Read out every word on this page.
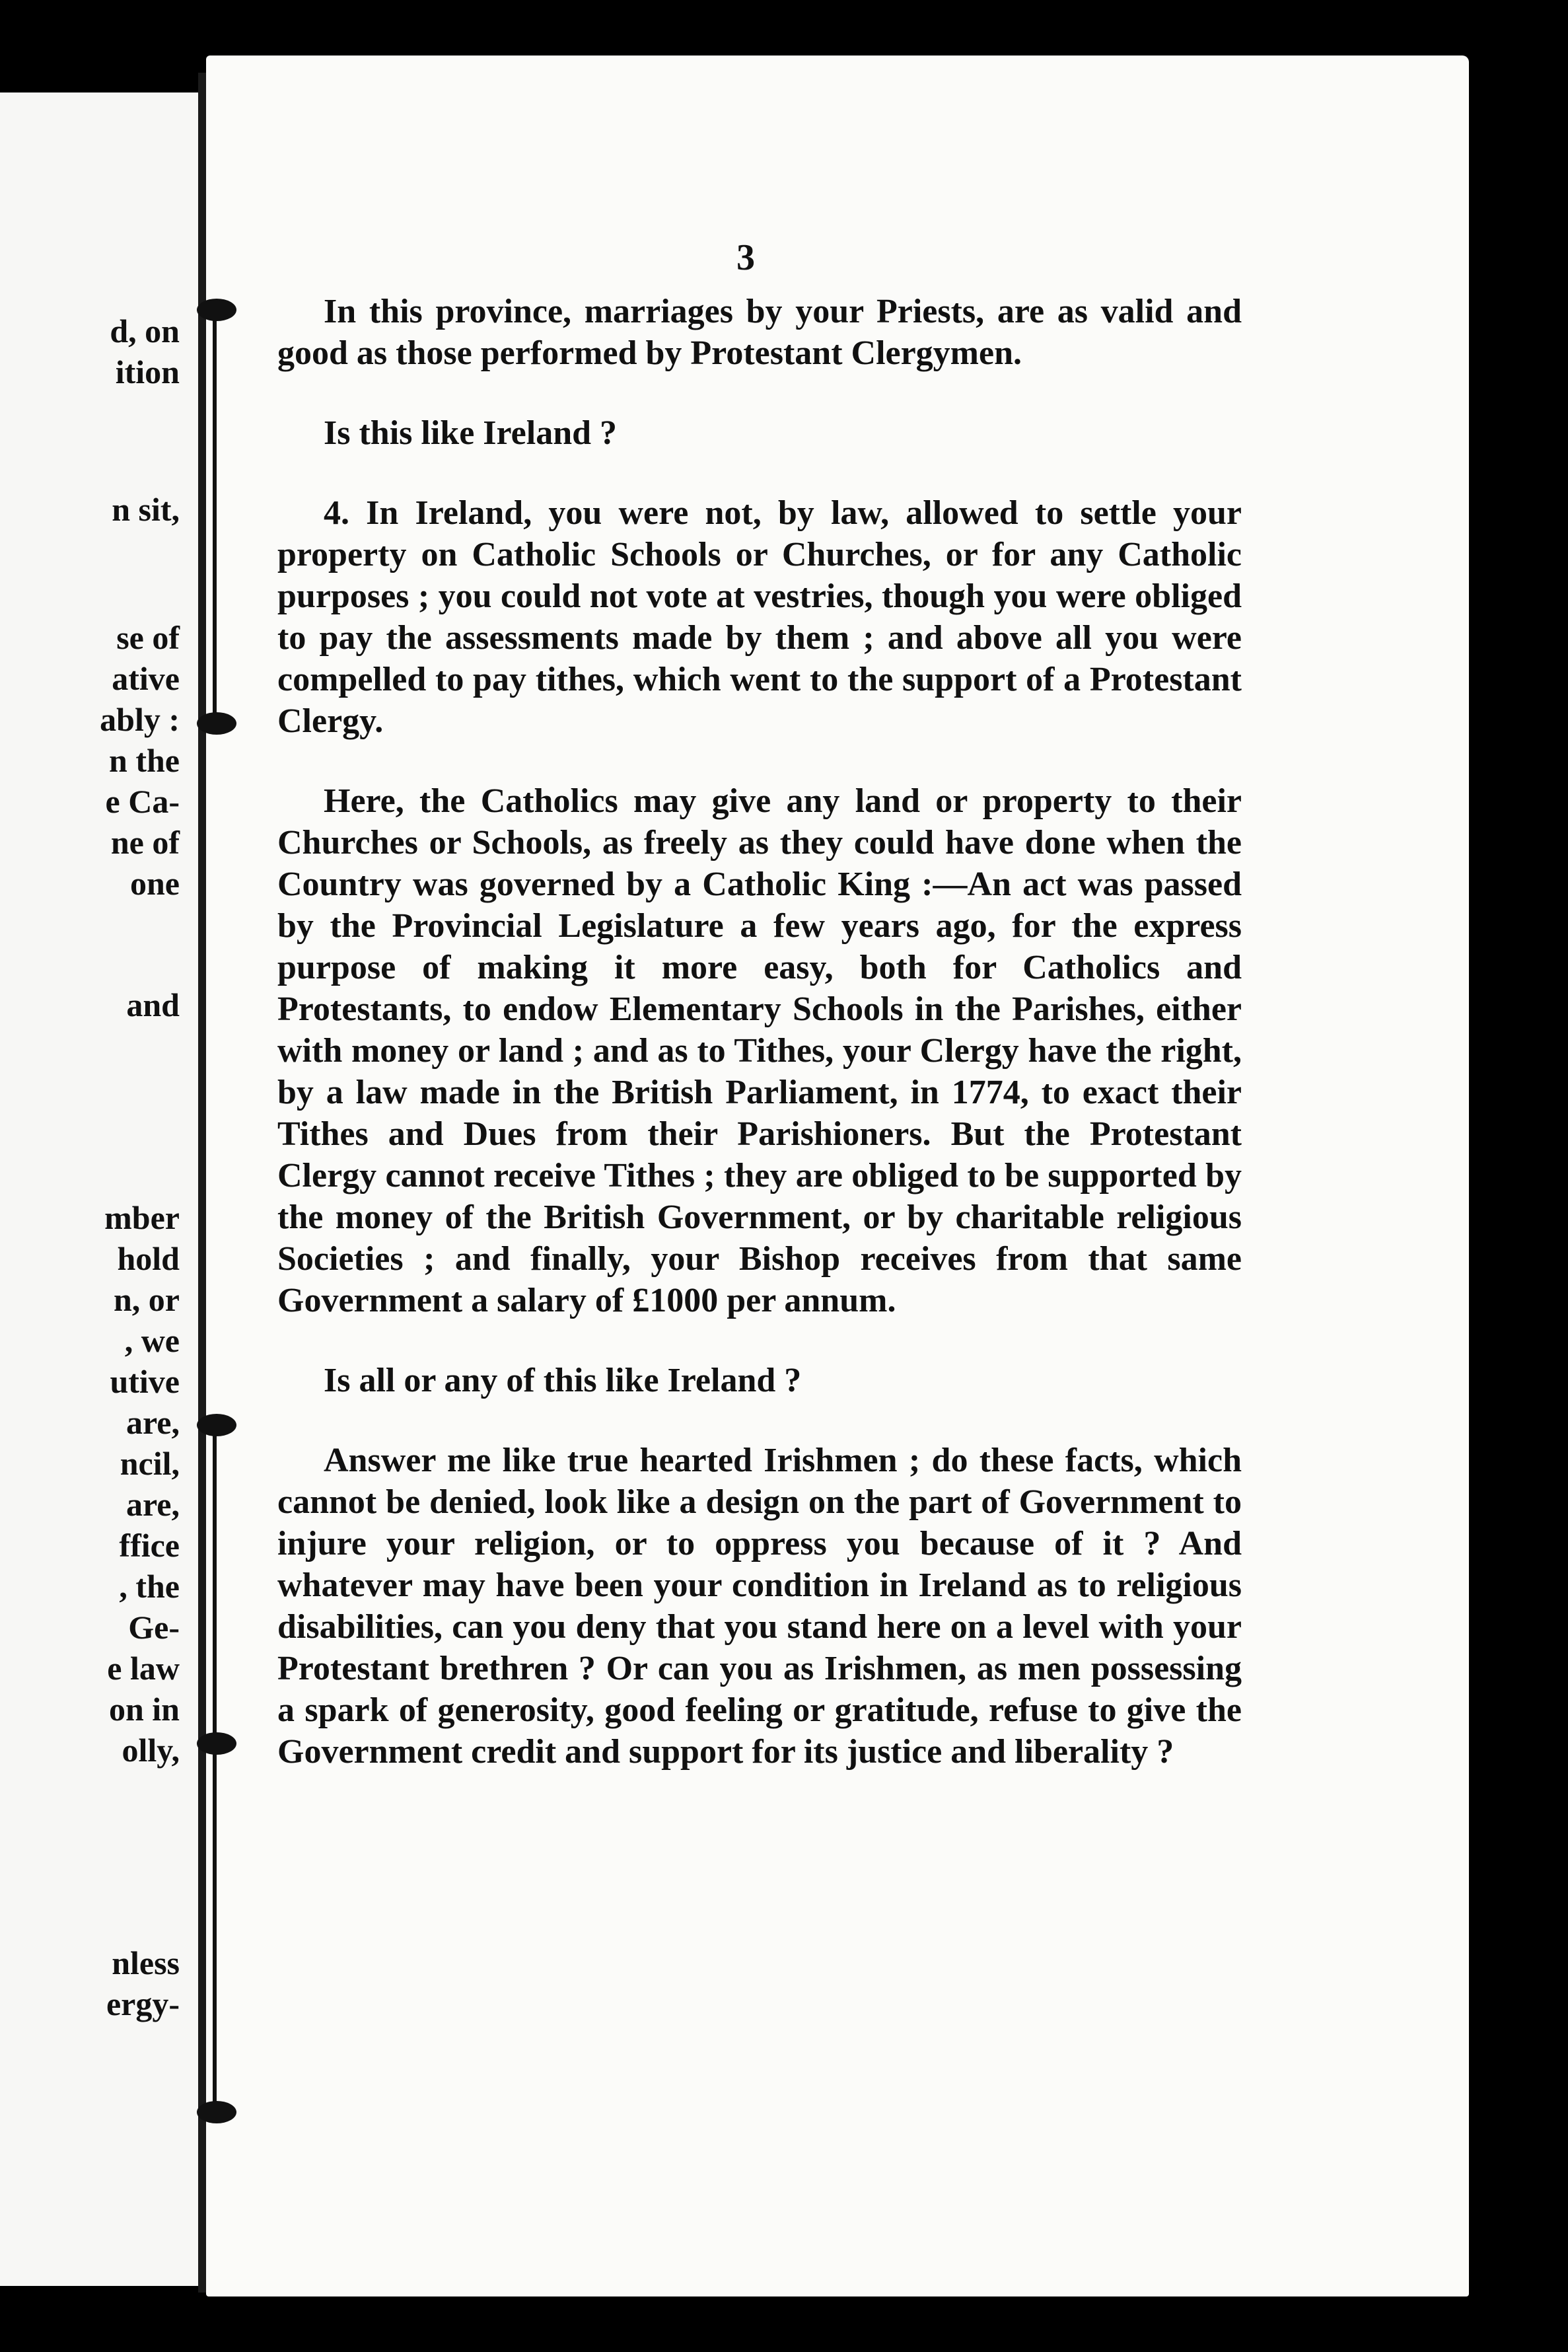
d, on
ition
n sit,
se of
ative
ably :
n the
e Ca-
ne of
one
and
mber
hold
n, or
, we
utive
are,
ncil,
are,
ffice
, the
Ge-
e law
on in
olly,
nless
ergy-
3

In this province, marriages by your Priests, are as valid and good as those performed by Protestant Clergymen.

Is this like Ireland ?

4. In Ireland, you were not, by law, allowed to settle your property on Catholic Schools or Churches, or for any Catholic purposes ; you could not vote at vestries, though you were obliged to pay the assessments made by them ; and above all you were compelled to pay tithes, which went to the support of a Protestant Clergy.

Here, the Catholics may give any land or property to their Churches or Schools, as freely as they could have done when the Country was governed by a Catholic King :—An act was passed by the Provincial Legislature a few years ago, for the express purpose of making it more easy, both for Catholics and Protestants, to endow Elementary Schools in the Parishes, either with money or land ; and as to Tithes, your Clergy have the right, by a law made in the British Parliament, in 1774, to exact their Tithes and Dues from their Parishioners. But the Protestant Clergy cannot receive Tithes ; they are obliged to be supported by the money of the British Government, or by charitable religious Societies ; and finally, your Bishop receives from that same Government a salary of £1000 per annum.

Is all or any of this like Ireland ?

Answer me like true hearted Irishmen ; do these facts, which cannot be denied, look like a design on the part of Government to injure your religion, or to oppress you because of it ? And whatever may have been your condition in Ireland as to religious disabilities, can you deny that you stand here on a level with your Protestant brethren ? Or can you as Irishmen, as men possessing a spark of generosity, good feeling or gratitude, refuse to give the Government credit and support for its justice and liberality ?
